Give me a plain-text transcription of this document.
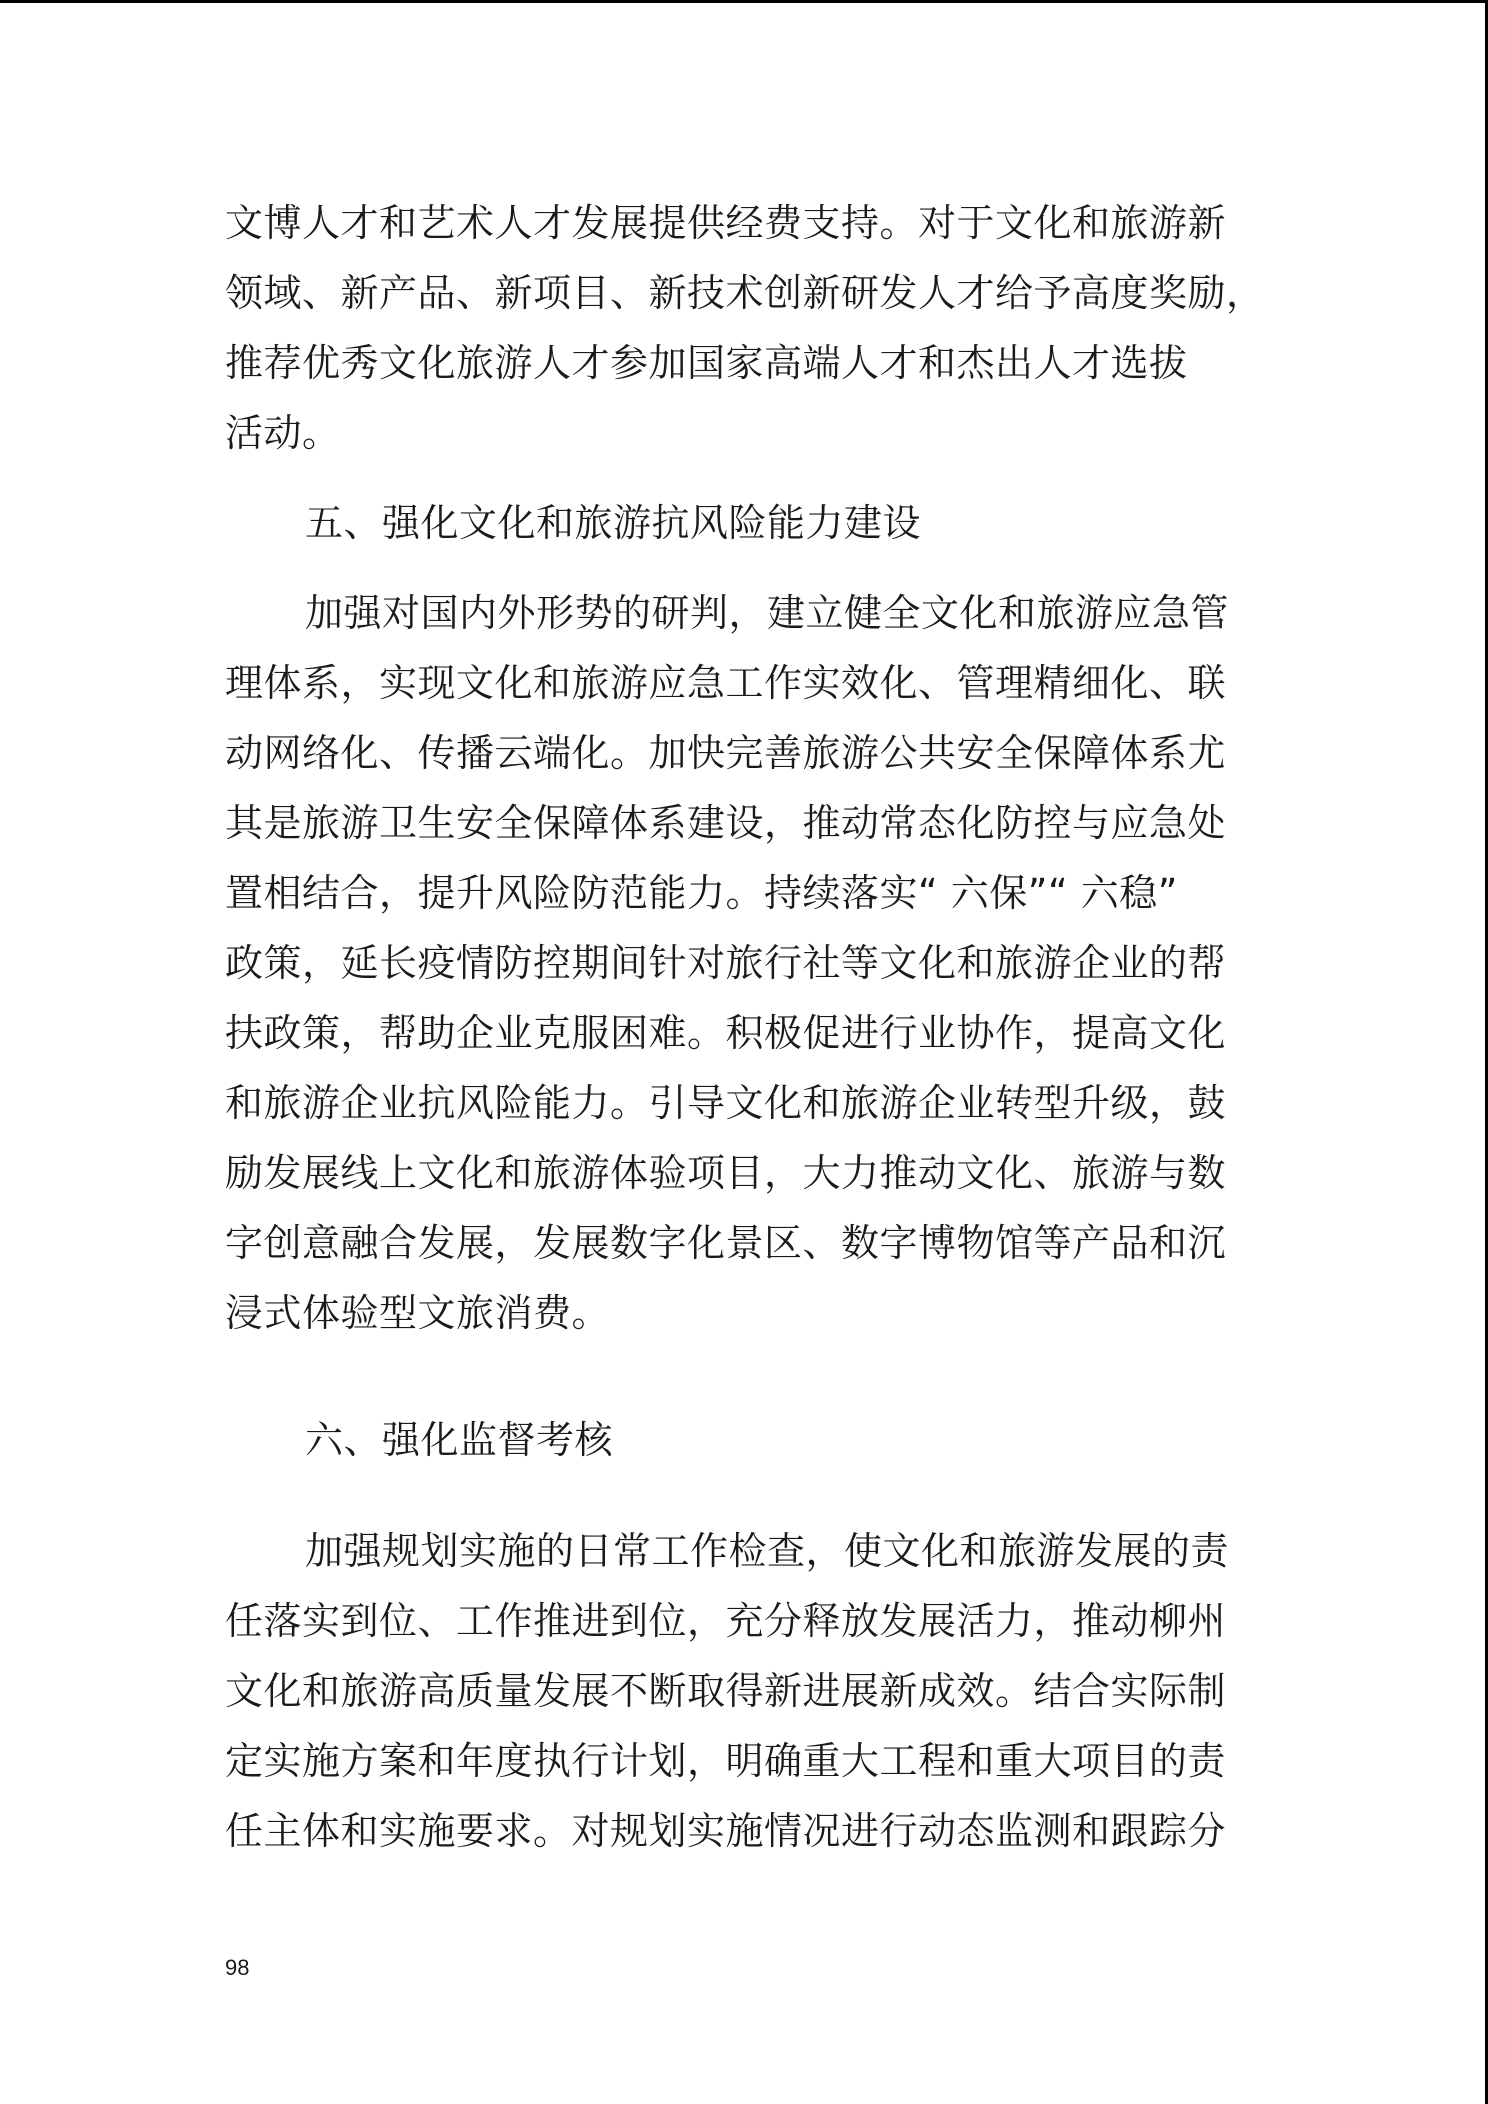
文博人才和艺术人才发展提供经费支持。对于文化和旅游新
领域、新产品、新项目、新技术创新研发人才给予高度奖励，
推荐优秀文化旅游人才参加国家高端人才和杰出人才选拔
活动。
五、强化文化和旅游抗风险能力建设
加强对国内外形势的研判，建立健全文化和旅游应急管
理体系，实现文化和旅游应急工作实效化、管理精细化、联
动网络化、传播云端化。加快完善旅游公共安全保障体系尤
其是旅游卫生安全保障体系建设，推动常态化防控与应急处
置相结合，提升风险防范能力。持续落实“ 六保”“ 六稳”
政策，延长疫情防控期间针对旅行社等文化和旅游企业的帮
扶政策，帮助企业克服困难。积极促进行业协作，提高文化
和旅游企业抗风险能力。引导文化和旅游企业转型升级，鼓
励发展线上文化和旅游体验项目，大力推动文化、旅游与数
字创意融合发展，发展数字化景区、数字博物馆等产品和沉
浸式体验型文旅消费。
六、强化监督考核
加强规划实施的日常工作检查，使文化和旅游发展的责
任落实到位、工作推进到位，充分释放发展活力，推动柳州
文化和旅游高质量发展不断取得新进展新成效。结合实际制
定实施方案和年度执行计划，明确重大工程和重大项目的责
任主体和实施要求。对规划实施情况进行动态监测和跟踪分
98
